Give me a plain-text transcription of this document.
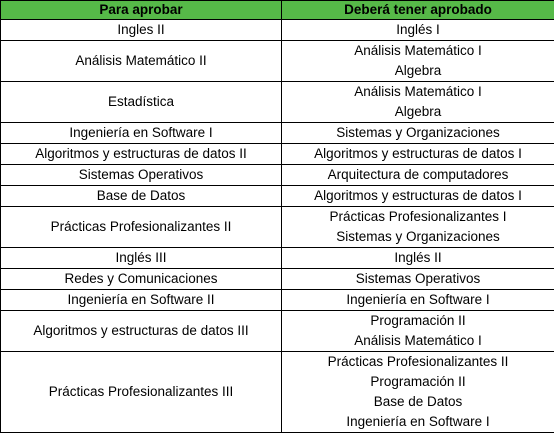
Para aprobar	Deberá tener aprobado
Ingles II	Inglés I

Análisis Matemático II	Análisis Matemático I
Algebra

Estadística	Análisis Matemático I
Algebra

Ingeniería en Software I	Sistemas y Organizaciones

Algoritmos y estructuras de datos II	Algoritmos y estructuras de datos I

Sistemas Operativos	Arquitectura de computadores

Base de Datos	Algoritmos y estructuras de datos I

Prácticas Profesionalizantes II	Prácticas Profesionalizantes I
Sistemas y Organizaciones

Inglés III	Inglés II

Redes y Comunicaciones	Sistemas Operativos

Ingeniería en Software II	Ingeniería en Software I

Algoritmos y estructuras de datos III	Programación II
Análisis Matemático I

Prácticas Profesionalizantes III	Prácticas Profesionalizantes II
Programación II
Base de Datos
Ingeniería en Software I
